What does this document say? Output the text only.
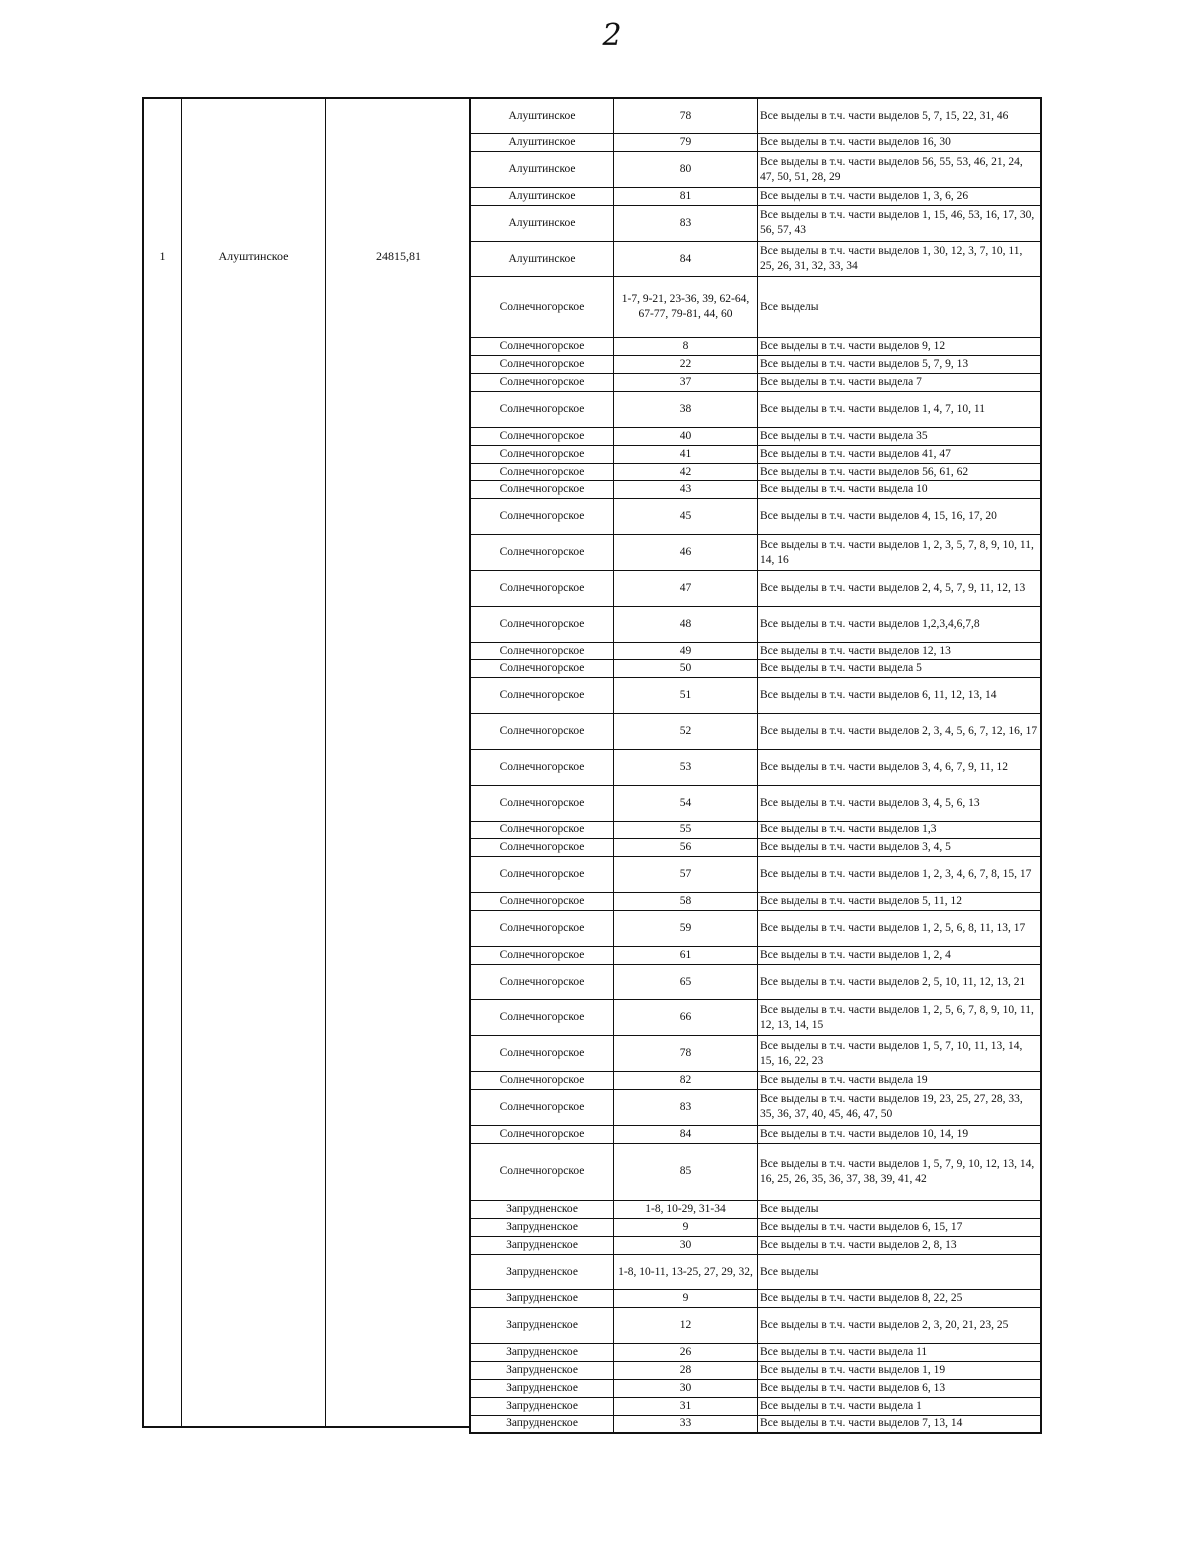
2
1	Алуштинское	24815,81
Алуштинское	78	Все выделы в т.ч. части выделов 5, 7, 15, 22, 31, 46
Алуштинское	79	Все выделы в т.ч. части выделов 16, 30
Алуштинское	80	Все выделы в т.ч. части выделов 56, 55, 53, 46, 21, 24, 47, 50, 51, 28, 29
Алуштинское	81	Все выделы в т.ч. части выделов 1, 3, 6, 26
Алуштинское	83	Все выделы в т.ч. части выделов 1, 15, 46, 53, 16, 17, 30, 56, 57, 43
Алуштинское	84	Все выделы в т.ч. части выделов 1, 30, 12, 3, 7, 10, 11, 25, 26, 31, 32, 33, 34
Солнечногорское	1-7, 9-21, 23-36, 39, 62-64, 67-77, 79-81, 44, 60	Все выделы
Солнечногорское	8	Все выделы в т.ч. части выделов 9, 12
Солнечногорское	22	Все выделы в т.ч. части выделов 5, 7, 9, 13
Солнечногорское	37	Все выделы в т.ч. части выдела 7
Солнечногорское	38	Все выделы в т.ч. части выделов 1, 4, 7, 10, 11
Солнечногорское	40	Все выделы в т.ч. части выдела 35
Солнечногорское	41	Все выделы в т.ч. части выделов 41, 47
Солнечногорское	42	Все выделы в т.ч. части выделов 56, 61, 62
Солнечногорское	43	Все выделы в т.ч. части выдела 10
Солнечногорское	45	Все выделы в т.ч. части выделов 4, 15, 16, 17, 20
Солнечногорское	46	Все выделы в т.ч. части выделов 1, 2, 3, 5, 7, 8, 9, 10, 11, 14, 16
Солнечногорское	47	Все выделы в т.ч. части выделов 2, 4, 5, 7, 9, 11, 12, 13
Солнечногорское	48	Все выделы в т.ч. части выделов 1,2,3,4,6,7,8
Солнечногорское	49	Все выделы в т.ч. части выделов 12, 13
Солнечногорское	50	Все выделы в т.ч. части выдела 5
Солнечногорское	51	Все выделы в т.ч. части выделов 6, 11, 12, 13, 14
Солнечногорское	52	Все выделы в т.ч. части выделов 2, 3, 4, 5, 6, 7, 12, 16, 17
Солнечногорское	53	Все выделы в т.ч. части выделов 3, 4, 6, 7, 9, 11, 12
Солнечногорское	54	Все выделы в т.ч. части выделов 3, 4, 5, 6, 13
Солнечногорское	55	Все выделы в т.ч. части выделов 1,3
Солнечногорское	56	Все выделы в т.ч. части выделов 3, 4, 5
Солнечногорское	57	Все выделы в т.ч. части выделов 1, 2, 3, 4, 6, 7, 8, 15, 17
Солнечногорское	58	Все выделы в т.ч. части выделов 5, 11, 12
Солнечногорское	59	Все выделы в т.ч. части выделов 1, 2, 5, 6, 8, 11, 13, 17
Солнечногорское	61	Все выделы в т.ч. части выделов 1, 2, 4
Солнечногорское	65	Все выделы в т.ч. части выделов 2, 5, 10, 11, 12, 13, 21
Солнечногорское	66	Все выделы в т.ч. части выделов 1, 2, 5, 6, 7, 8, 9, 10, 11, 12, 13, 14, 15
Солнечногорское	78	Все выделы в т.ч. части выделов 1, 5, 7, 10, 11, 13, 14, 15, 16, 22, 23
Солнечногорское	82	Все выделы в т.ч. части выдела 19
Солнечногорское	83	Все выделы в т.ч. части выделов 19, 23, 25, 27, 28, 33, 35, 36, 37, 40, 45, 46, 47, 50
Солнечногорское	84	Все выделы в т.ч. части выделов 10, 14, 19
Солнечногорское	85	Все выделы в т.ч. части выделов 1, 5, 7, 9, 10, 12, 13, 14, 16, 25, 26, 35, 36, 37, 38, 39, 41, 42
Запрудненское	1-8, 10-29, 31-34	Все выделы
Запрудненское	9	Все выделы в т.ч. части выделов 6, 15, 17
Запрудненское	30	Все выделы в т.ч. части выделов 2, 8, 13
Запрудненское	1-8, 10-11, 13-25, 27, 29, 32,	Все выделы
Запрудненское	9	Все выделы в т.ч. части выделов 8, 22, 25
Запрудненское	12	Все выделы в т.ч. части выделов 2, 3, 20, 21, 23, 25
Запрудненское	26	Все выделы в т.ч. части выдела 11
Запрудненское	28	Все выделы в т.ч. части выделов 1, 19
Запрудненское	30	Все выделы в т.ч. части выделов 6, 13
Запрудненское	31	Все выделы в т.ч. части выдела 1
Запрудненское	33	Все выделы в т.ч. части выделов 7, 13, 14
